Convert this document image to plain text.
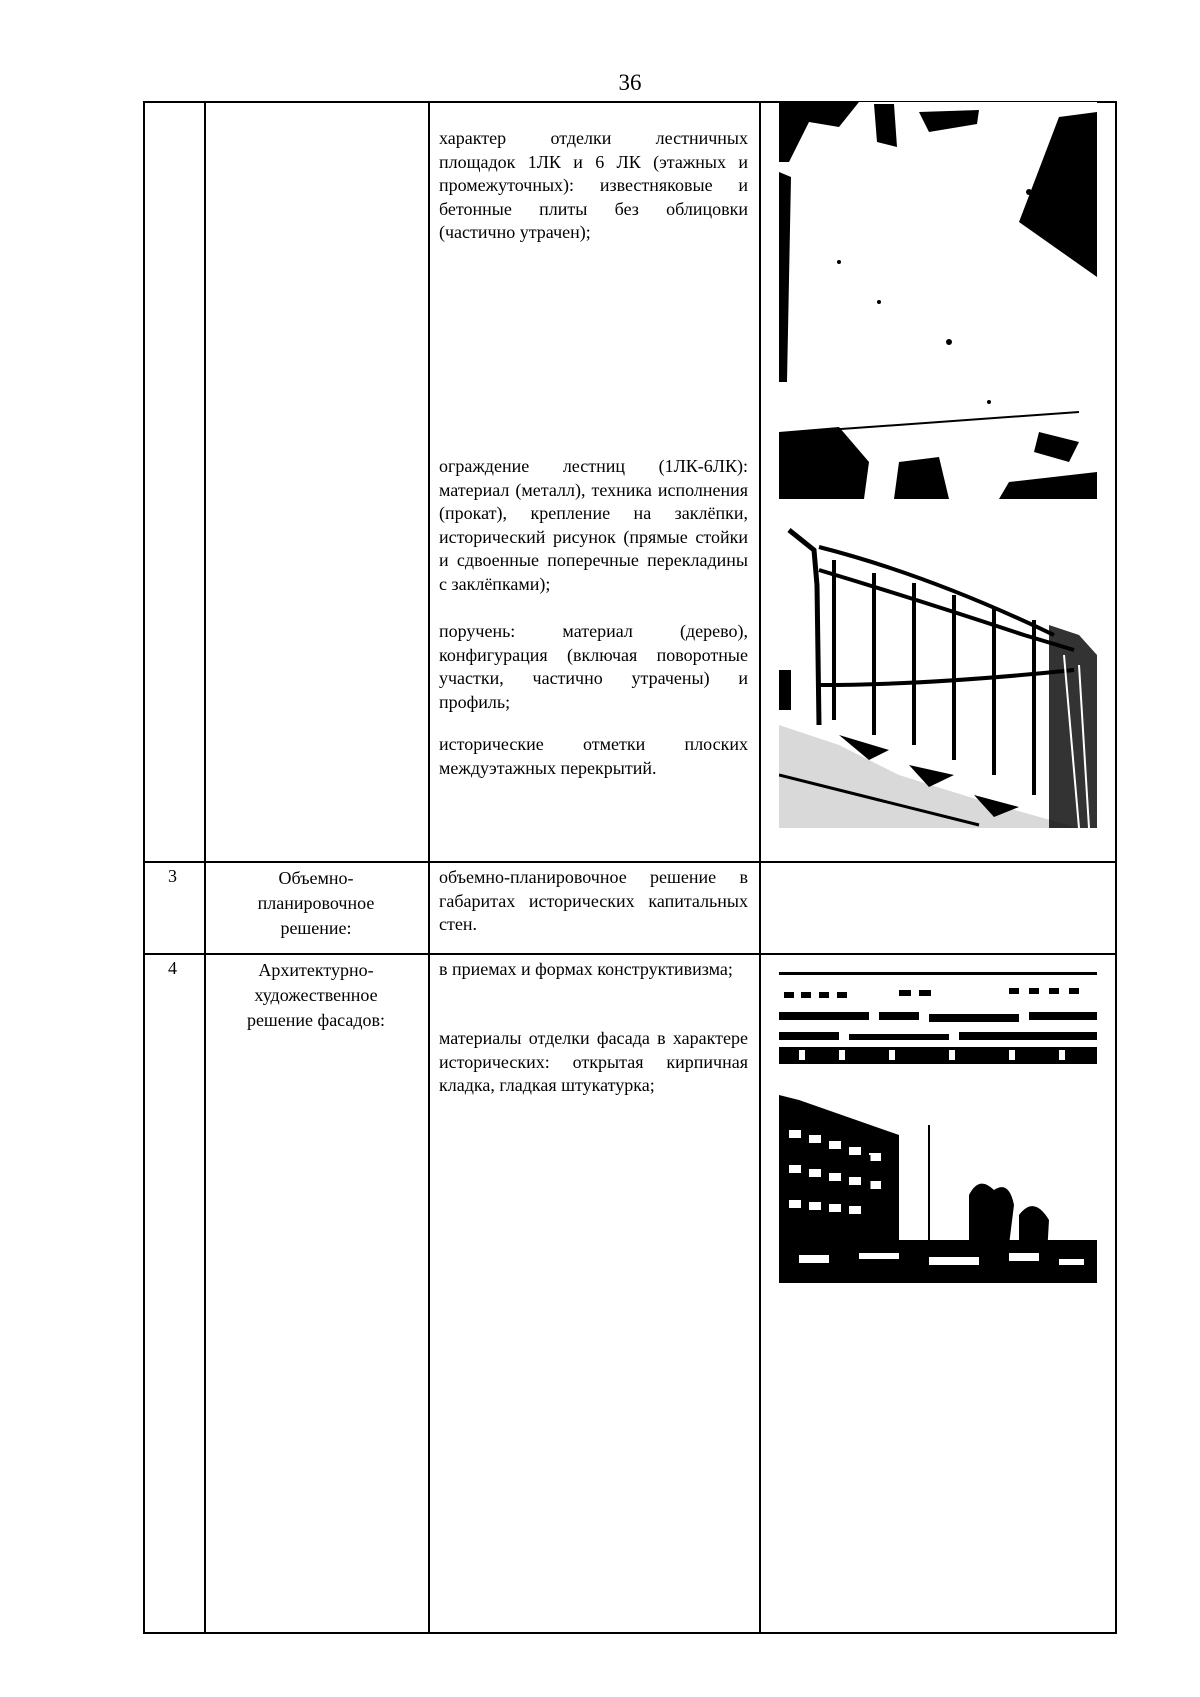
36
характер отделки лестничных площадок 1ЛК и 6 ЛК (этажных и промежуточных): известняковые и бетонные плиты без облицовки (частично утрачен);
ограждение лестниц (1ЛК-6ЛК): материал (металл), техника исполнения (прокат), крепление на заклёпки, исторический рисунок (прямые стойки и сдвоенные поперечные перекладины с заклёпками);
поручень: материал (дерево), конфигурация (включая поворотные участки, частично утрачены) и профиль;
исторические отметки плоских междуэтажных перекрытий.
3	Объемно-планировочное решение:
объемно-планировочное решение в габаритах исторических капитальных стен.
4	Архитектурно-художественное решение фасадов:
в приемах и формах конструктивизма;
материалы отделки фасада в характере исторических: открытая кирпичная кладка, гладкая штукатурка;
